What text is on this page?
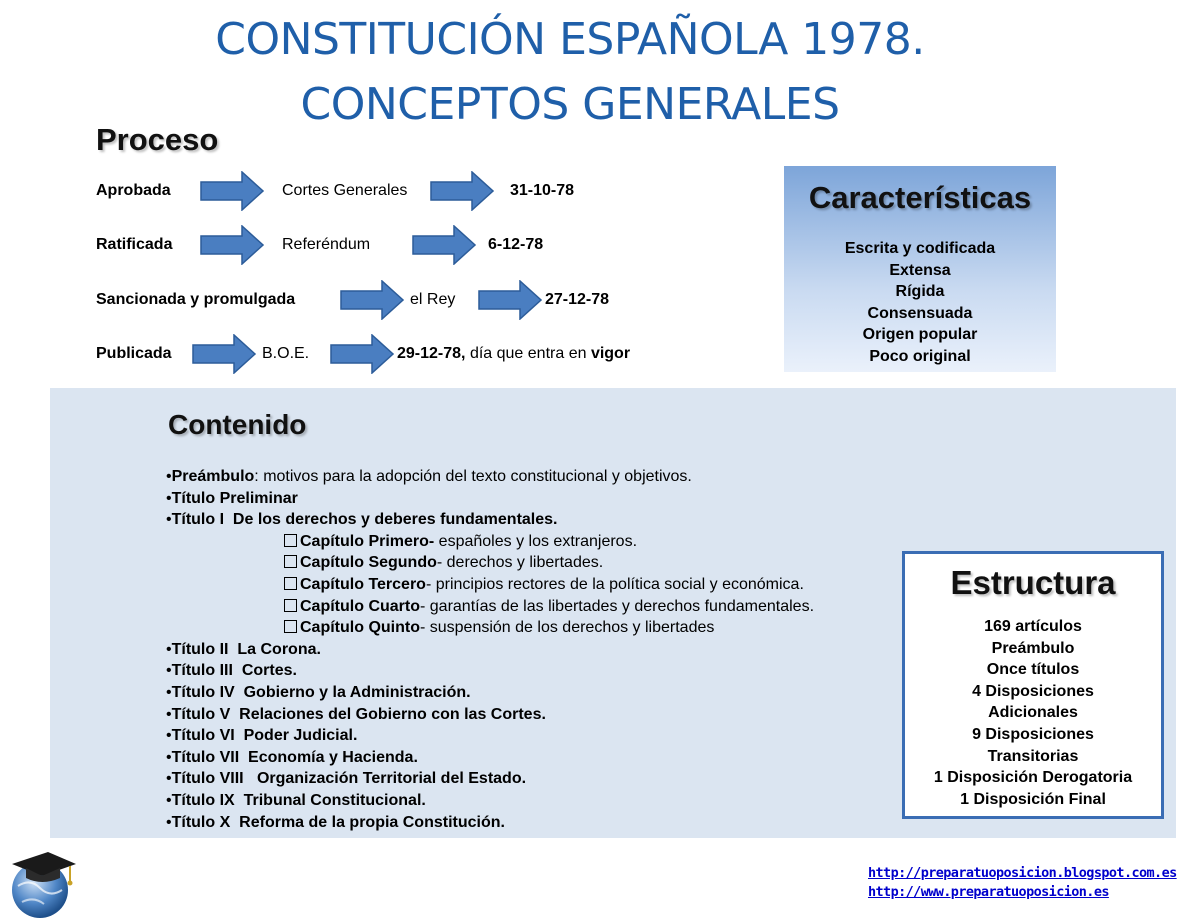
CONSTITUCIÓN ESPAÑOLA 1978.
CONCEPTOS GENERALES
Proceso
Aprobada	Cortes Generales	31-10-78
Ratificada	Referéndum	6-12-78
Sancionada y promulgada	el Rey	27-12-78
Publicada	B.O.E.	29-12-78, día que entra en vigor
Características
Escrita y codificada
Extensa
Rígida
Consensuada
Origen popular
Poco original
Contenido
•Preámbulo: motivos para la adopción del texto constitucional y objetivos.
•Título Preliminar
•Título I  De los derechos y deberes fundamentales.
Capítulo Primero- españoles y los extranjeros.
Capítulo Segundo- derechos y libertades.
Capítulo Tercero- principios rectores de la política social y económica.
Capítulo Cuarto- garantías de las libertades y derechos fundamentales.
Capítulo Quinto- suspensión de los derechos y libertades
•Título II  La Corona.
•Título III  Cortes.
•Título IV  Gobierno y la Administración.
•Título V  Relaciones del Gobierno con las Cortes.
•Título VI  Poder Judicial.
•Título VII  Economía y Hacienda.
•Título VIII   Organización Territorial del Estado.
•Título IX  Tribunal Constitucional.
•Título X  Reforma de la propia Constitución.
Estructura
169 artículos
Preámbulo
Once títulos
4 Disposiciones
Adicionales
9 Disposiciones
Transitorias
1 Disposición Derogatoria
1 Disposición Final
http://preparatuoposicion.blogspot.com.es
http://www.preparatuoposicion.es
